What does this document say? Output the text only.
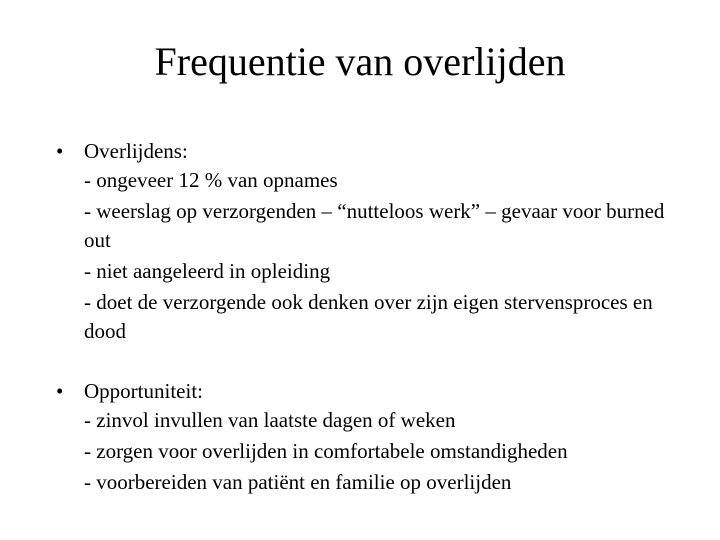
Frequentie van overlijden
• Overlijdens:
- ongeveer 12 % van opnames
- weerslag op verzorgenden – “nutteloos werk” – gevaar voor burned out
- niet aangeleerd in opleiding
- doet de verzorgende ook denken over zijn eigen stervensproces en dood
• Opportuniteit:
- zinvol invullen van laatste dagen of weken
- zorgen voor overlijden in comfortabele omstandigheden
- voorbereiden van patiënt en familie op overlijden
